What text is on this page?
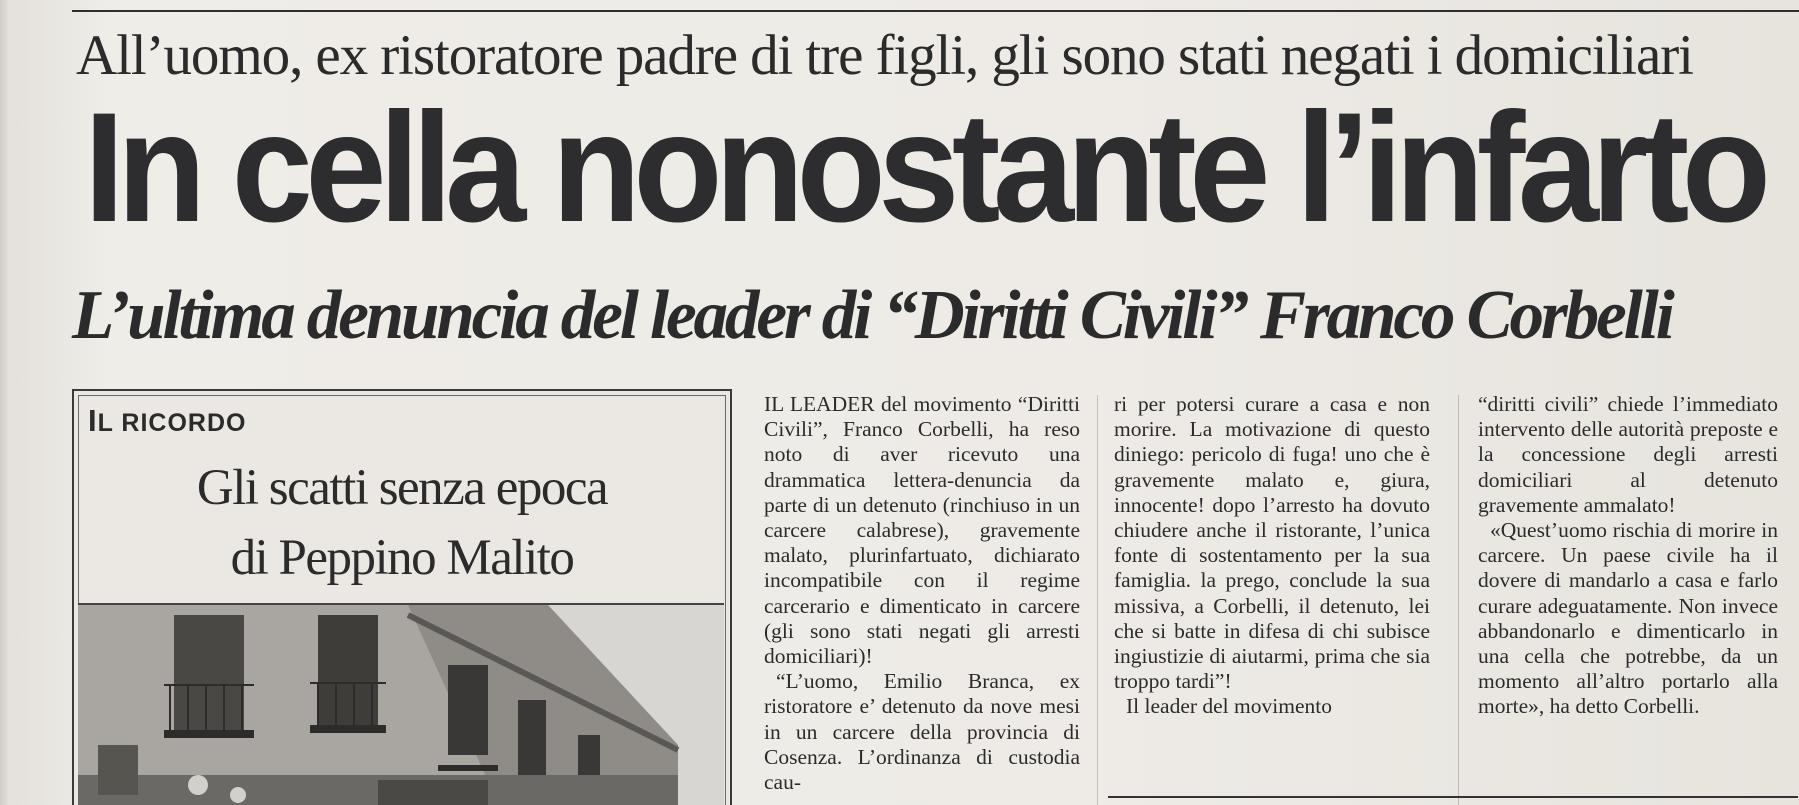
All’uomo, ex ristoratore padre di tre figli, gli sono stati negati i domiciliari
In cella nonostante l’infarto
L’ultima denuncia del leader di “Diritti Civili” Franco Corbelli
IL RICORDO
Gli scatti senza epoca
di Peppino Malito

IL LEADER del movimento “Diritti Civili”, Franco Corbelli, ha reso noto di aver ricevuto una drammatica lettera-denuncia da parte di un detenuto (rinchiuso in un carcere calabrese), gravemente malato, plurinfartuato, dichiarato incompatibile con il regime carcerario e dimenticato in carcere (gli sono stati negati gli arresti domiciliari)!

“L’uomo, Emilio Branca, ex ristoratore e’ detenuto da nove mesi in un carcere della provincia di Cosenza. L’ordinanza di custodia cau-

ri per potersi curare a casa e non morire. La motivazione di questo diniego: pericolo di fuga! uno che è gravemente malato e, giura, innocente! dopo l’arresto ha dovuto chiudere anche il ristorante, l’unica fonte di sostentamento per la sua famiglia. la prego, conclude la sua missiva, a Corbelli, il detenuto, lei che si batte in difesa di chi subisce ingiustizie di aiutarmi, prima che sia troppo tardi”!

Il leader del movimento

“diritti civili” chiede l’immediato intervento delle autorità preposte e la concessione degli arresti domiciliari al detenuto gravemente ammalato!

«Quest’uomo rischia di morire in carcere. Un paese civile ha il dovere di mandarlo a casa e farlo curare adeguatamente. Non invece abbandonarlo e dimenticarlo in una cella che potrebbe, da un momento all’altro portarlo alla morte», ha detto Corbelli.
